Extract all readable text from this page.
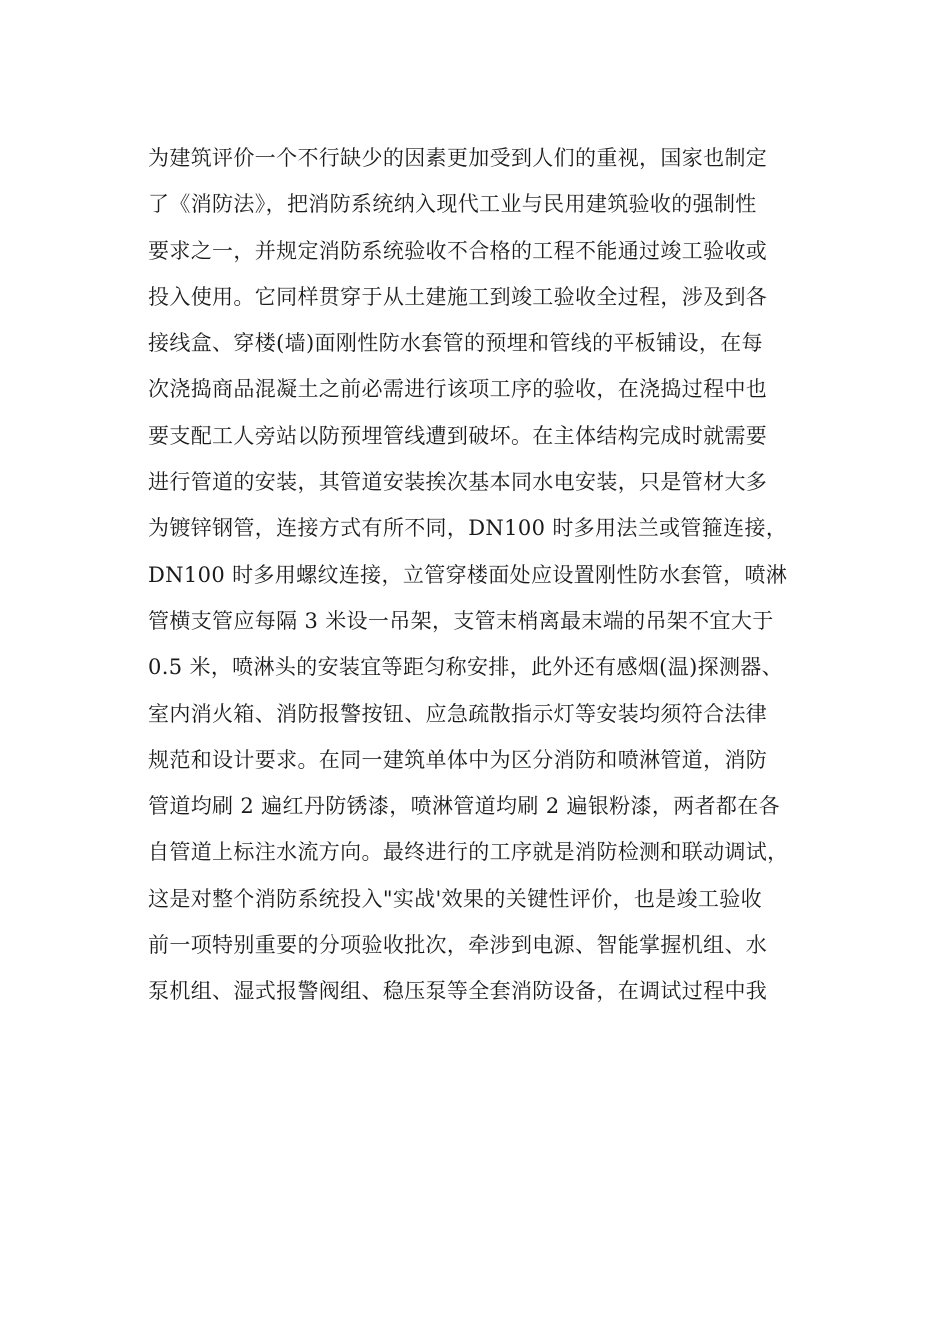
为建筑评价一个不行缺少的因素更加受到人们的重视，国家也制定
了《消防法》，把消防系统纳入现代工业与民用建筑验收的强制性
要求之一，并规定消防系统验收不合格的工程不能通过竣工验收或
投入使用。它同样贯穿于从土建施工到竣工验收全过程，涉及到各
接线盒、穿楼(墙)面刚性防水套管的预埋和管线的平板铺设，在每
次浇捣商品混凝土之前必需进行该项工序的验收，在浇捣过程中也
要支配工人旁站以防预埋管线遭到破坏。在主体结构完成时就需要
进行管道的安装，其管道安装挨次基本同水电安装，只是管材大多
为镀锌钢管，连接方式有所不同，DN100 时多用法兰或管箍连接，
DN100 时多用螺纹连接，立管穿楼面处应设置刚性防水套管，喷淋
管横支管应每隔 3 米设一吊架，支管末梢离最末端的吊架不宜大于
0.5 米，喷淋头的安装宜等距匀称安排，此外还有感烟(温)探测器、
室内消火箱、消防报警按钮、应急疏散指示灯等安装均须符合法律
规范和设计要求。在同一建筑单体中为区分消防和喷淋管道，消防
管道均刷 2 遍红丹防锈漆，喷淋管道均刷 2 遍银粉漆，两者都在各
自管道上标注水流方向。最终进行的工序就是消防检测和联动调试，
这是对整个消防系统投入"实战'效果的关键性评价，也是竣工验收
前一项特别重要的分项验收批次，牵涉到电源、智能掌握机组、水
泵机组、湿式报警阀组、稳压泵等全套消防设备，在调试过程中我
